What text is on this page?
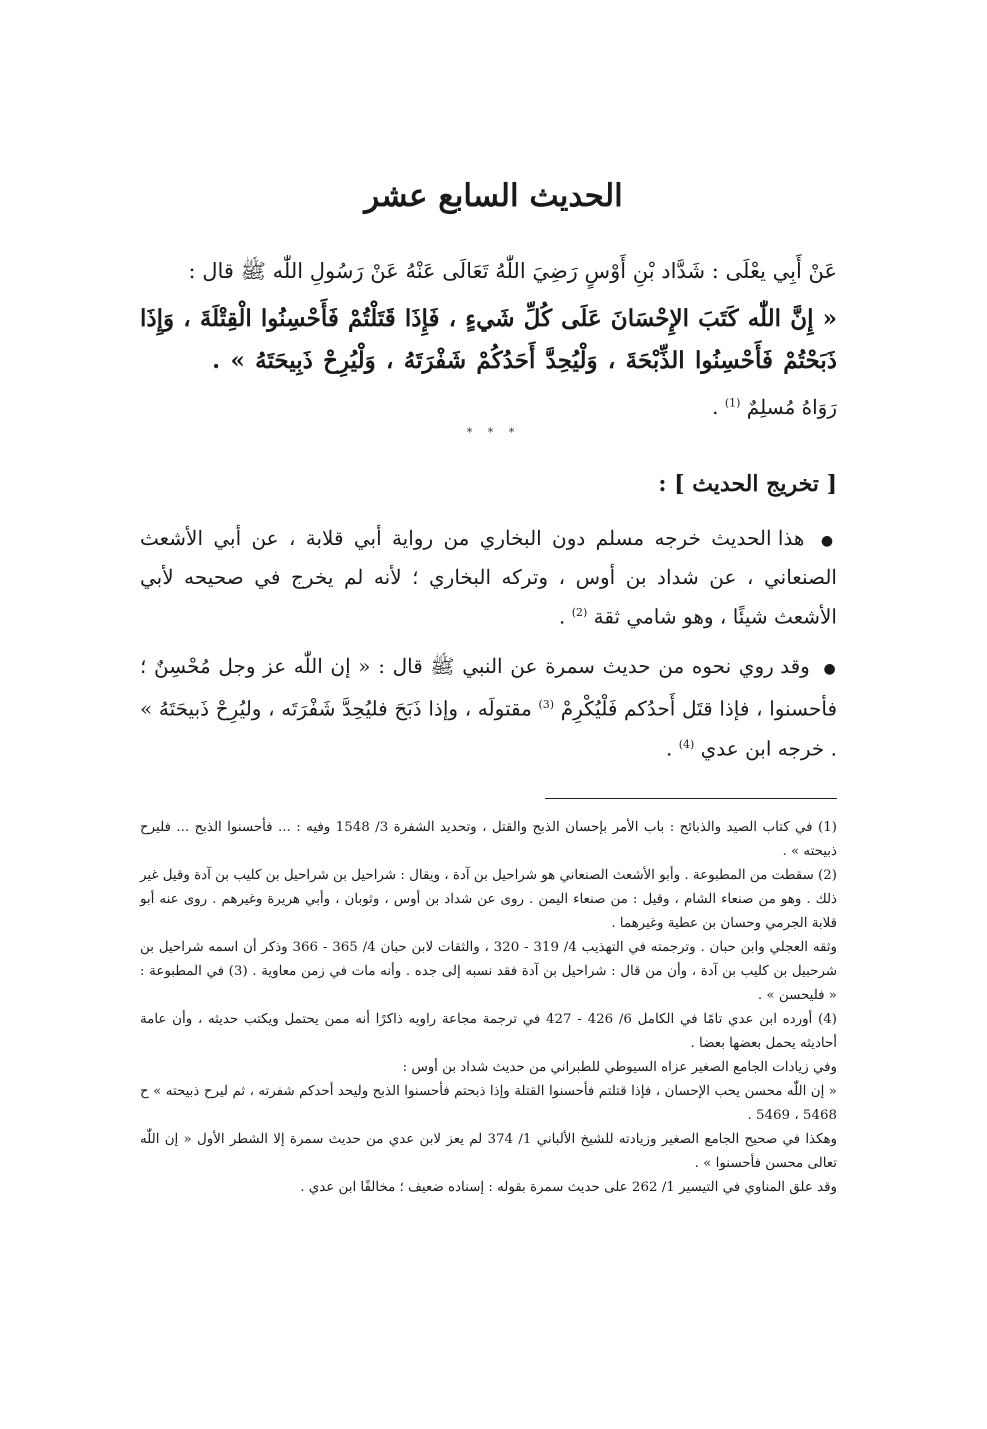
الحديث السابع عشر
عَنْ أَبِي يعْلَى : شَدَّاد بْنِ أَوْسٍ رَضِيَ اللّٰهُ تَعَالَى عَنْهُ عَنْ رَسُولِ اللّٰه ﷺ قال :
« إِنَّ اللّٰه كَتَبَ الإِحْسَانَ عَلَى كُلِّ شَيءٍ ، فَإِذَا قَتَلْتُمْ فَأَحْسِنُوا الْقِتْلَةَ ، وَإِذَا ذَبَحْتُمْ فَأَحْسِنُوا الذِّبْحَةَ ، وَلْيُحِدَّ أَحَدُكُمْ شَفْرَتَهُ ، وَلْيُرِحْ ذَبِيحَتَهُ » .        رَوَاهُ مُسلِمٌ $^{(1)}$ .
* * *
[ تخريج الحديث ] :
● هذا الحديث خرجه مسلم دون البخاري من رواية أبي قلابة ، عن أبي الأشعث الصنعاني ، عن شداد بن أوس ، وتركه البخاري ؛ لأنه لم يخرج في صحيحه لأبي الأشعث شيئًا ، وهو شامي ثقة $^{(2)}$ .
● وقد روي نحوه من حديث سمرة عن النبي ﷺ قال : « إن اللّٰه عز وجل مُحْسِنٌ ؛ فأحسنوا ، فإذا قتَل أَحدُكم فَلْيُكْرِمْ $^{(3)}$ مقتولَه ، وإذا ذَبَحَ فليُحِدَّ شَفْرَتَه ، وليُرِحْ ذَبيحَتَهُ » . خرجه ابن عدي $^{(4)}$ .

(1) في كتاب الصيد والذبائح : باب الأمر بإحسان الذبح والقتل ، وتحديد الشفرة 3/ 1548 وفيه : ... فأحسنوا الذبح ... فليرح ذبيحته » .

(2) سقطت من المطبوعة . وأبو الأشعث الصنعاني هو شراحيل بن آدة ، ويقال : شراحيل بن شراحيل بن كليب بن آدة وقيل غير ذلك . وهو من صنعاء الشام ، وقيل : من صنعاء اليمن . روى عن شداد بن أوس ، وثوبان ، وأبي هريرة وغيرهم . روى عنه أبو قلابة الجرمي وحسان بن عطية وغيرهما .

وثقه العجلي وابن حبان . وترجمته في التهذيب 4/ 319 - 320 ، والثقات لابن حبان 4/ 365 - 366 وذكر أن اسمه شراحيل بن شرحبيل بن كليب بن آدة ، وأن من قال : شراحيل بن آدة فقد نسبه إلى جده . وأنه مات في زمن معاوية . (3) في المطبوعة : « فليحسن » .

(4) أورده ابن عدي تامًا في الكامل 6/ 426 - 427 في ترجمة مجاعة راويه ذاكرًا أنه ممن يحتمل ويكتب حديثه ، وأن عامة أحاديثه يحمل بعضها بعضا .

وفي زيادات الجامع الصغير عزاه السيوطي للطبراني من حديث شداد بن أوس :

« إن اللّٰه محسن يحب الإحسان ، فإذا قتلتم فأحسنوا القتلة وإذا ذبحتم فأحسنوا الذبح وليحد أحدكم شفرته ، ثم ليرح ذبيحته » ح 5468 ، 5469 .

وهكذا في صحيح الجامع الصغير وزيادته للشيخ الألباني 1/ 374 لم يعز لابن عدي من حديث سمرة إلا الشطر الأول « إن اللّٰه تعالى محسن فأحسنوا » .

وقد علق المناوي في التيسير 1/ 262 على حديث سمرة بقوله : إسناده ضعيف ؛ مخالفًا ابن عدي .
